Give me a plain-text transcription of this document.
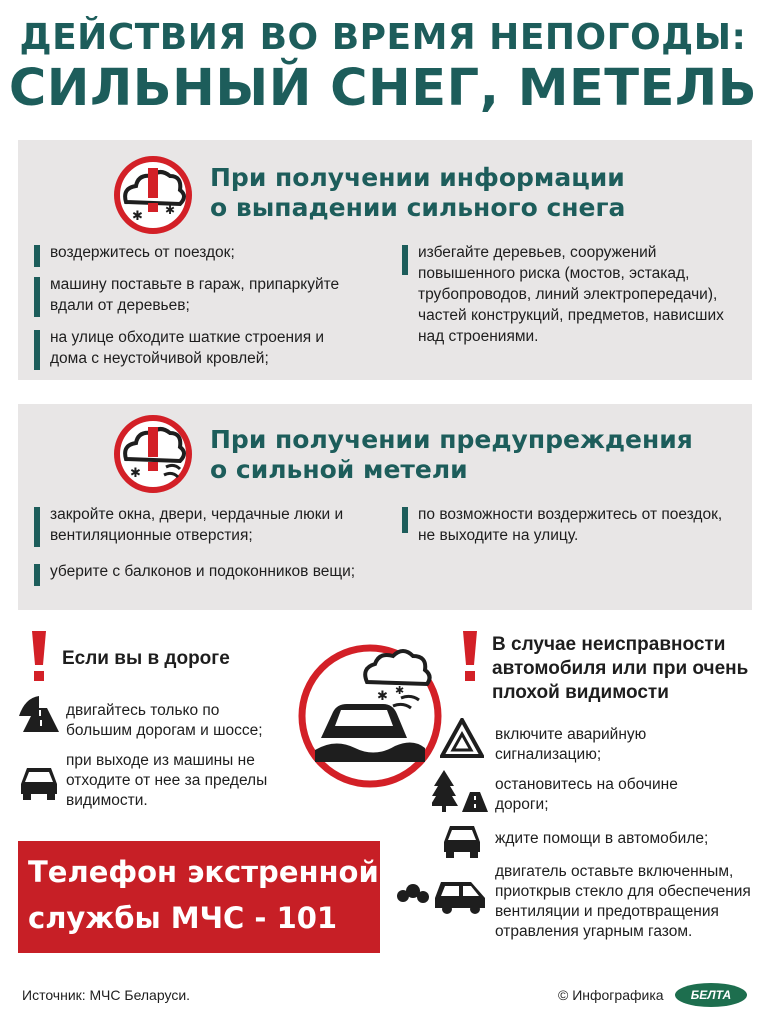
ДЕЙСТВИЯ ВО ВРЕМЯ НЕПОГОДЫ:
СИЛЬНЫЙ СНЕГ, МЕТЕЛЬ
✱ ✱
При получении информации
о выпадении сильного снега
воздержитесь от поездок;
машину поставьте в гараж, припаркуйте вдали от деревьев;
на улице обходите шаткие строения и дома с неустойчивой кровлей;
избегайте деревьев, сооружений повышенного риска (мостов, эстакад, трубопроводов, линий электропередачи), частей конструкций, предметов, нависших над строениями.
✱
При получении предупреждения
о сильной метели
закройте окна, двери, чердачные люки и вентиляционные отверстия;
уберите с балконов и подоконников вещи;
по возможности воздержитесь от поездок, не выходите на улицу.
Если вы в дороге
двигайтесь только по большим дорогам и шоссе;
при выходе из машины не отходите от нее за пределы видимости.
✱ ✱
В случае неисправности автомобиля или при очень плохой видимости
включите аварийную сигнализацию;
остановитесь на обочине дороги;
ждите помощи в автомобиле;
двигатель оставьте включенным, приоткрыв стекло для обеспечения вентиляции и предотвращения отравления угарным газом.
Телефон экстренной
службы МЧС - 101
Источник: МЧС Беларуси.	© Инфографика	БЕЛТА
